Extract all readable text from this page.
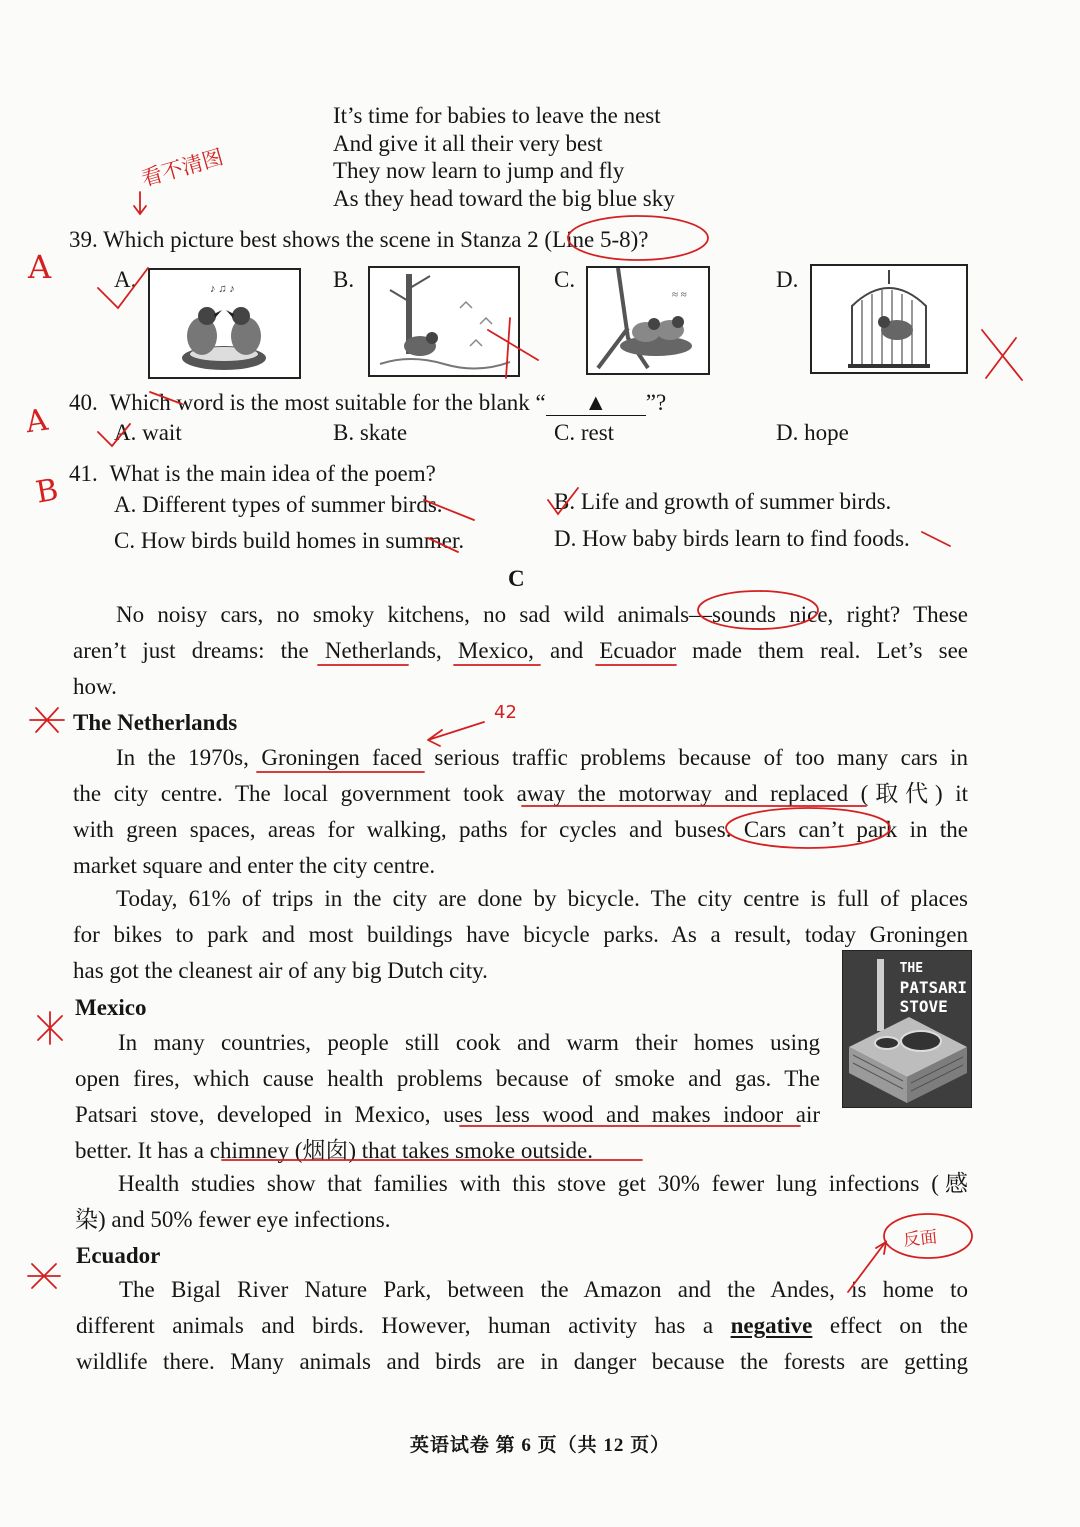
It’s time for babies to leave the nest
And give it all their very best
They now learn to jump and fly
As they head toward the big blue sky
39. Which picture best shows the scene in Stanza 2 (Line 5-8)?
A.	B.	C.	D.
♪ ♫ ♪	≈ ≈
40. Which word is the most suitable for the blank “ ▲ ”?
A. wait	B. skate	C. rest	D. hope
41. What is the main idea of the poem?
A. Different types of summer birds.	B. Life and growth of summer birds.
C. How birds build homes in summer.	D. How baby birds learn to find foods.
C
No noisy cars, no smoky kitchens, no sad wild animals—sounds nice, right? These
aren’t just dreams: the Netherlands, Mexico, and Ecuador made them real. Let’s see
how.
The Netherlands
In the 1970s, Groningen faced serious traffic problems because of too many cars in
the city centre. The local government took away the motorway and replaced (取代) it
with green spaces, areas for walking, paths for cycles and buses. Cars can’t park in the
market square and enter the city centre.
Today, 61% of trips in the city are done by bicycle. The city centre is full of places
for bikes to park and most buildings have bicycle parks. As a result, today Groningen
has got the cleanest air of any big Dutch city.
Mexico
In many countries, people still cook and warm their homes using
open fires, which cause health problems because of smoke and gas. The
Patsari stove, developed in Mexico, uses less wood and makes indoor air
better. It has a chimney (烟囱) that takes smoke outside.
THE
PATSARI
STOVE
Health studies show that families with this stove get 30% fewer lung infections (感
染) and 50% fewer eye infections.
Ecuador
The Bigal River Nature Park, between the Amazon and the Andes, is home to
different animals and birds. However, human activity has a negative effect on the
wildlife there. Many animals and birds are in danger because the forests are getting
英语试卷 第 6 页（共 12 页）
看不清图
A
A
B
42
反面
